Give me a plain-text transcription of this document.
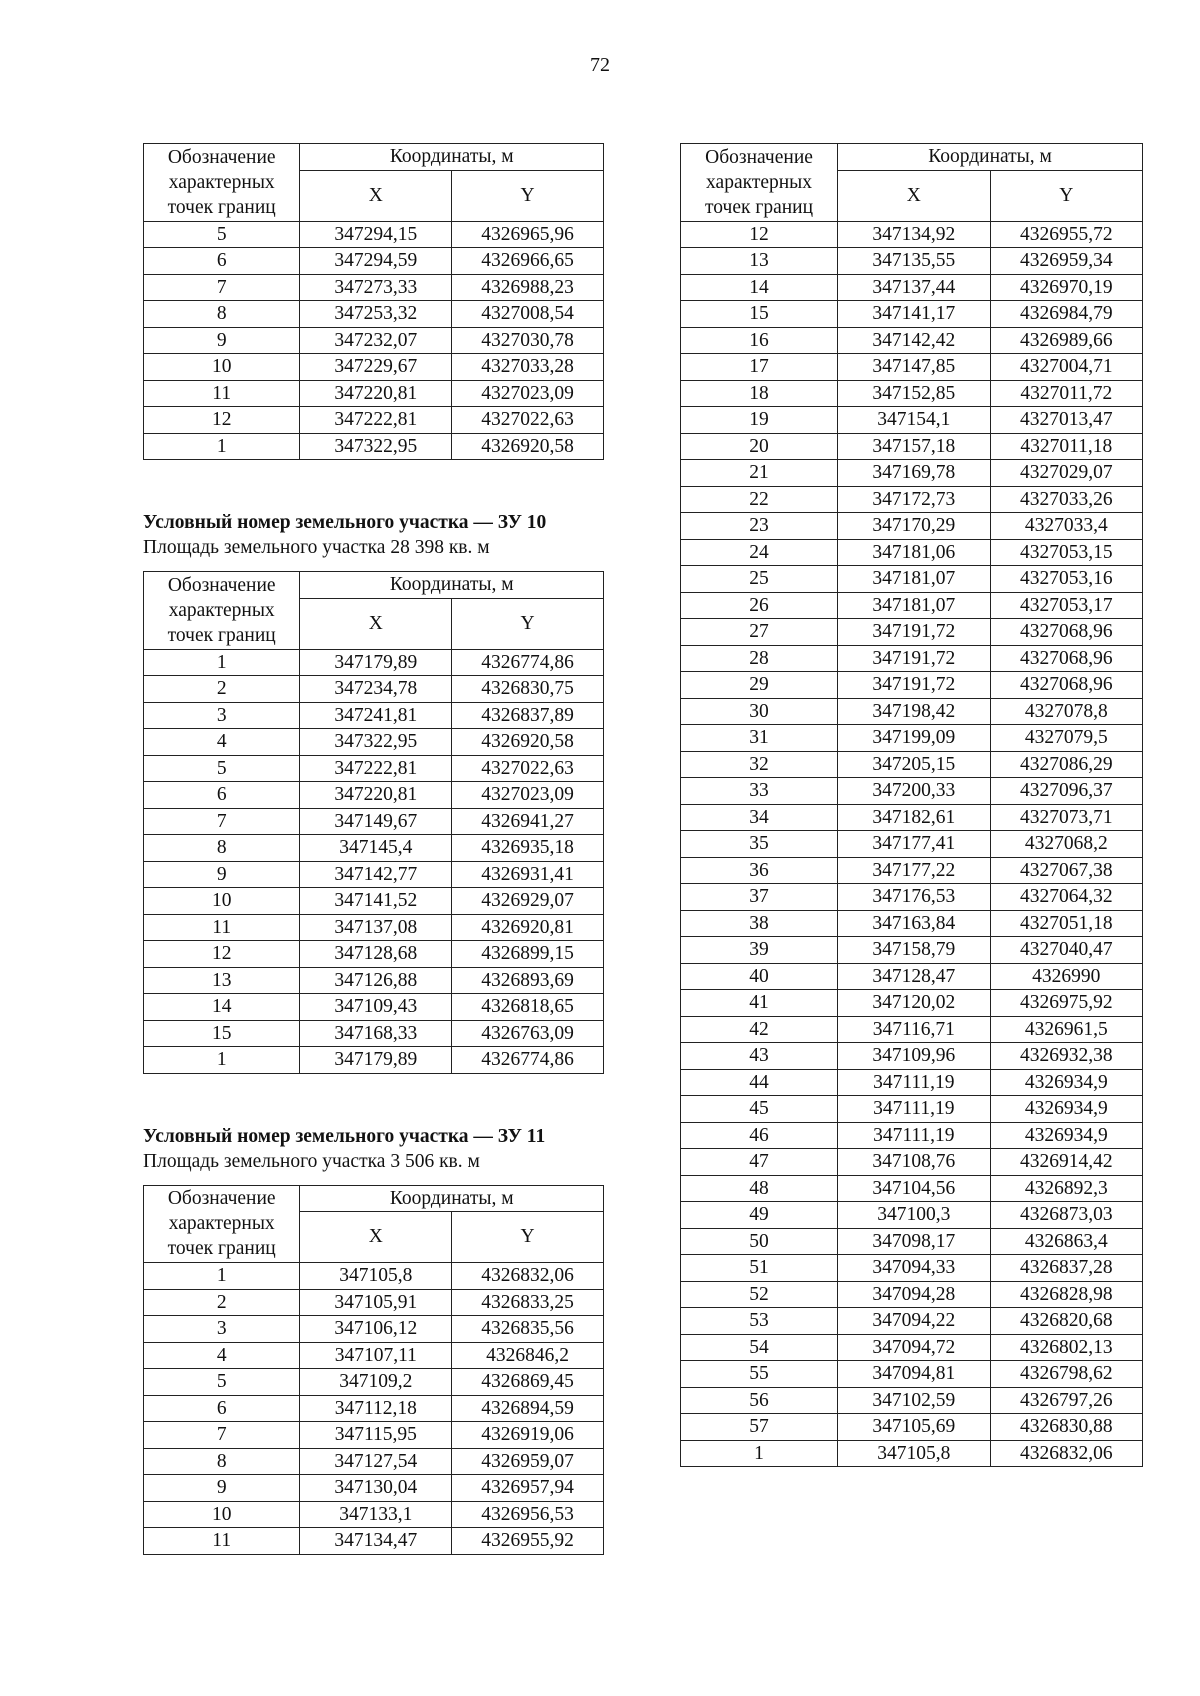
72
Обозначение характерных точек границ	Координаты, м	
	X	Y
5	347294,15	4326965,96
6	347294,59	4326966,65
7	347273,33	4326988,23
8	347253,32	4327008,54
9	347232,07	4327030,78
10	347229,67	4327033,28
11	347220,81	4327023,09
12	347222,81	4327022,63
1	347322,95	4326920,58
Условный номер земельного участка — ЗУ 10
Площадь земельного участка 28 398 кв. м
Обозначение характерных точек границ	Координаты, м	
	X	Y
1	347179,89	4326774,86
2	347234,78	4326830,75
3	347241,81	4326837,89
4	347322,95	4326920,58
5	347222,81	4327022,63
6	347220,81	4327023,09
7	347149,67	4326941,27
8	347145,4	4326935,18
9	347142,77	4326931,41
10	347141,52	4326929,07
11	347137,08	4326920,81
12	347128,68	4326899,15
13	347126,88	4326893,69
14	347109,43	4326818,65
15	347168,33	4326763,09
1	347179,89	4326774,86
Условный номер земельного участка — ЗУ 11
Площадь земельного участка 3 506 кв. м
Обозначение характерных точек границ	Координаты, м	
	X	Y
1	347105,8	4326832,06
2	347105,91	4326833,25
3	347106,12	4326835,56
4	347107,11	4326846,2
5	347109,2	4326869,45
6	347112,18	4326894,59
7	347115,95	4326919,06
8	347127,54	4326959,07
9	347130,04	4326957,94
10	347133,1	4326956,53
11	347134,47	4326955,92
Обозначение характерных точек границ	Координаты, м	
	X	Y
12	347134,92	4326955,72
13	347135,55	4326959,34
14	347137,44	4326970,19
15	347141,17	4326984,79
16	347142,42	4326989,66
17	347147,85	4327004,71
18	347152,85	4327011,72
19	347154,1	4327013,47
20	347157,18	4327011,18
21	347169,78	4327029,07
22	347172,73	4327033,26
23	347170,29	4327033,4
24	347181,06	4327053,15
25	347181,07	4327053,16
26	347181,07	4327053,17
27	347191,72	4327068,96
28	347191,72	4327068,96
29	347191,72	4327068,96
30	347198,42	4327078,8
31	347199,09	4327079,5
32	347205,15	4327086,29
33	347200,33	4327096,37
34	347182,61	4327073,71
35	347177,41	4327068,2
36	347177,22	4327067,38
37	347176,53	4327064,32
38	347163,84	4327051,18
39	347158,79	4327040,47
40	347128,47	4326990
41	347120,02	4326975,92
42	347116,71	4326961,5
43	347109,96	4326932,38
44	347111,19	4326934,9
45	347111,19	4326934,9
46	347111,19	4326934,9
47	347108,76	4326914,42
48	347104,56	4326892,3
49	347100,3	4326873,03
50	347098,17	4326863,4
51	347094,33	4326837,28
52	347094,28	4326828,98
53	347094,22	4326820,68
54	347094,72	4326802,13
55	347094,81	4326798,62
56	347102,59	4326797,26
57	347105,69	4326830,88
1	347105,8	4326832,06
